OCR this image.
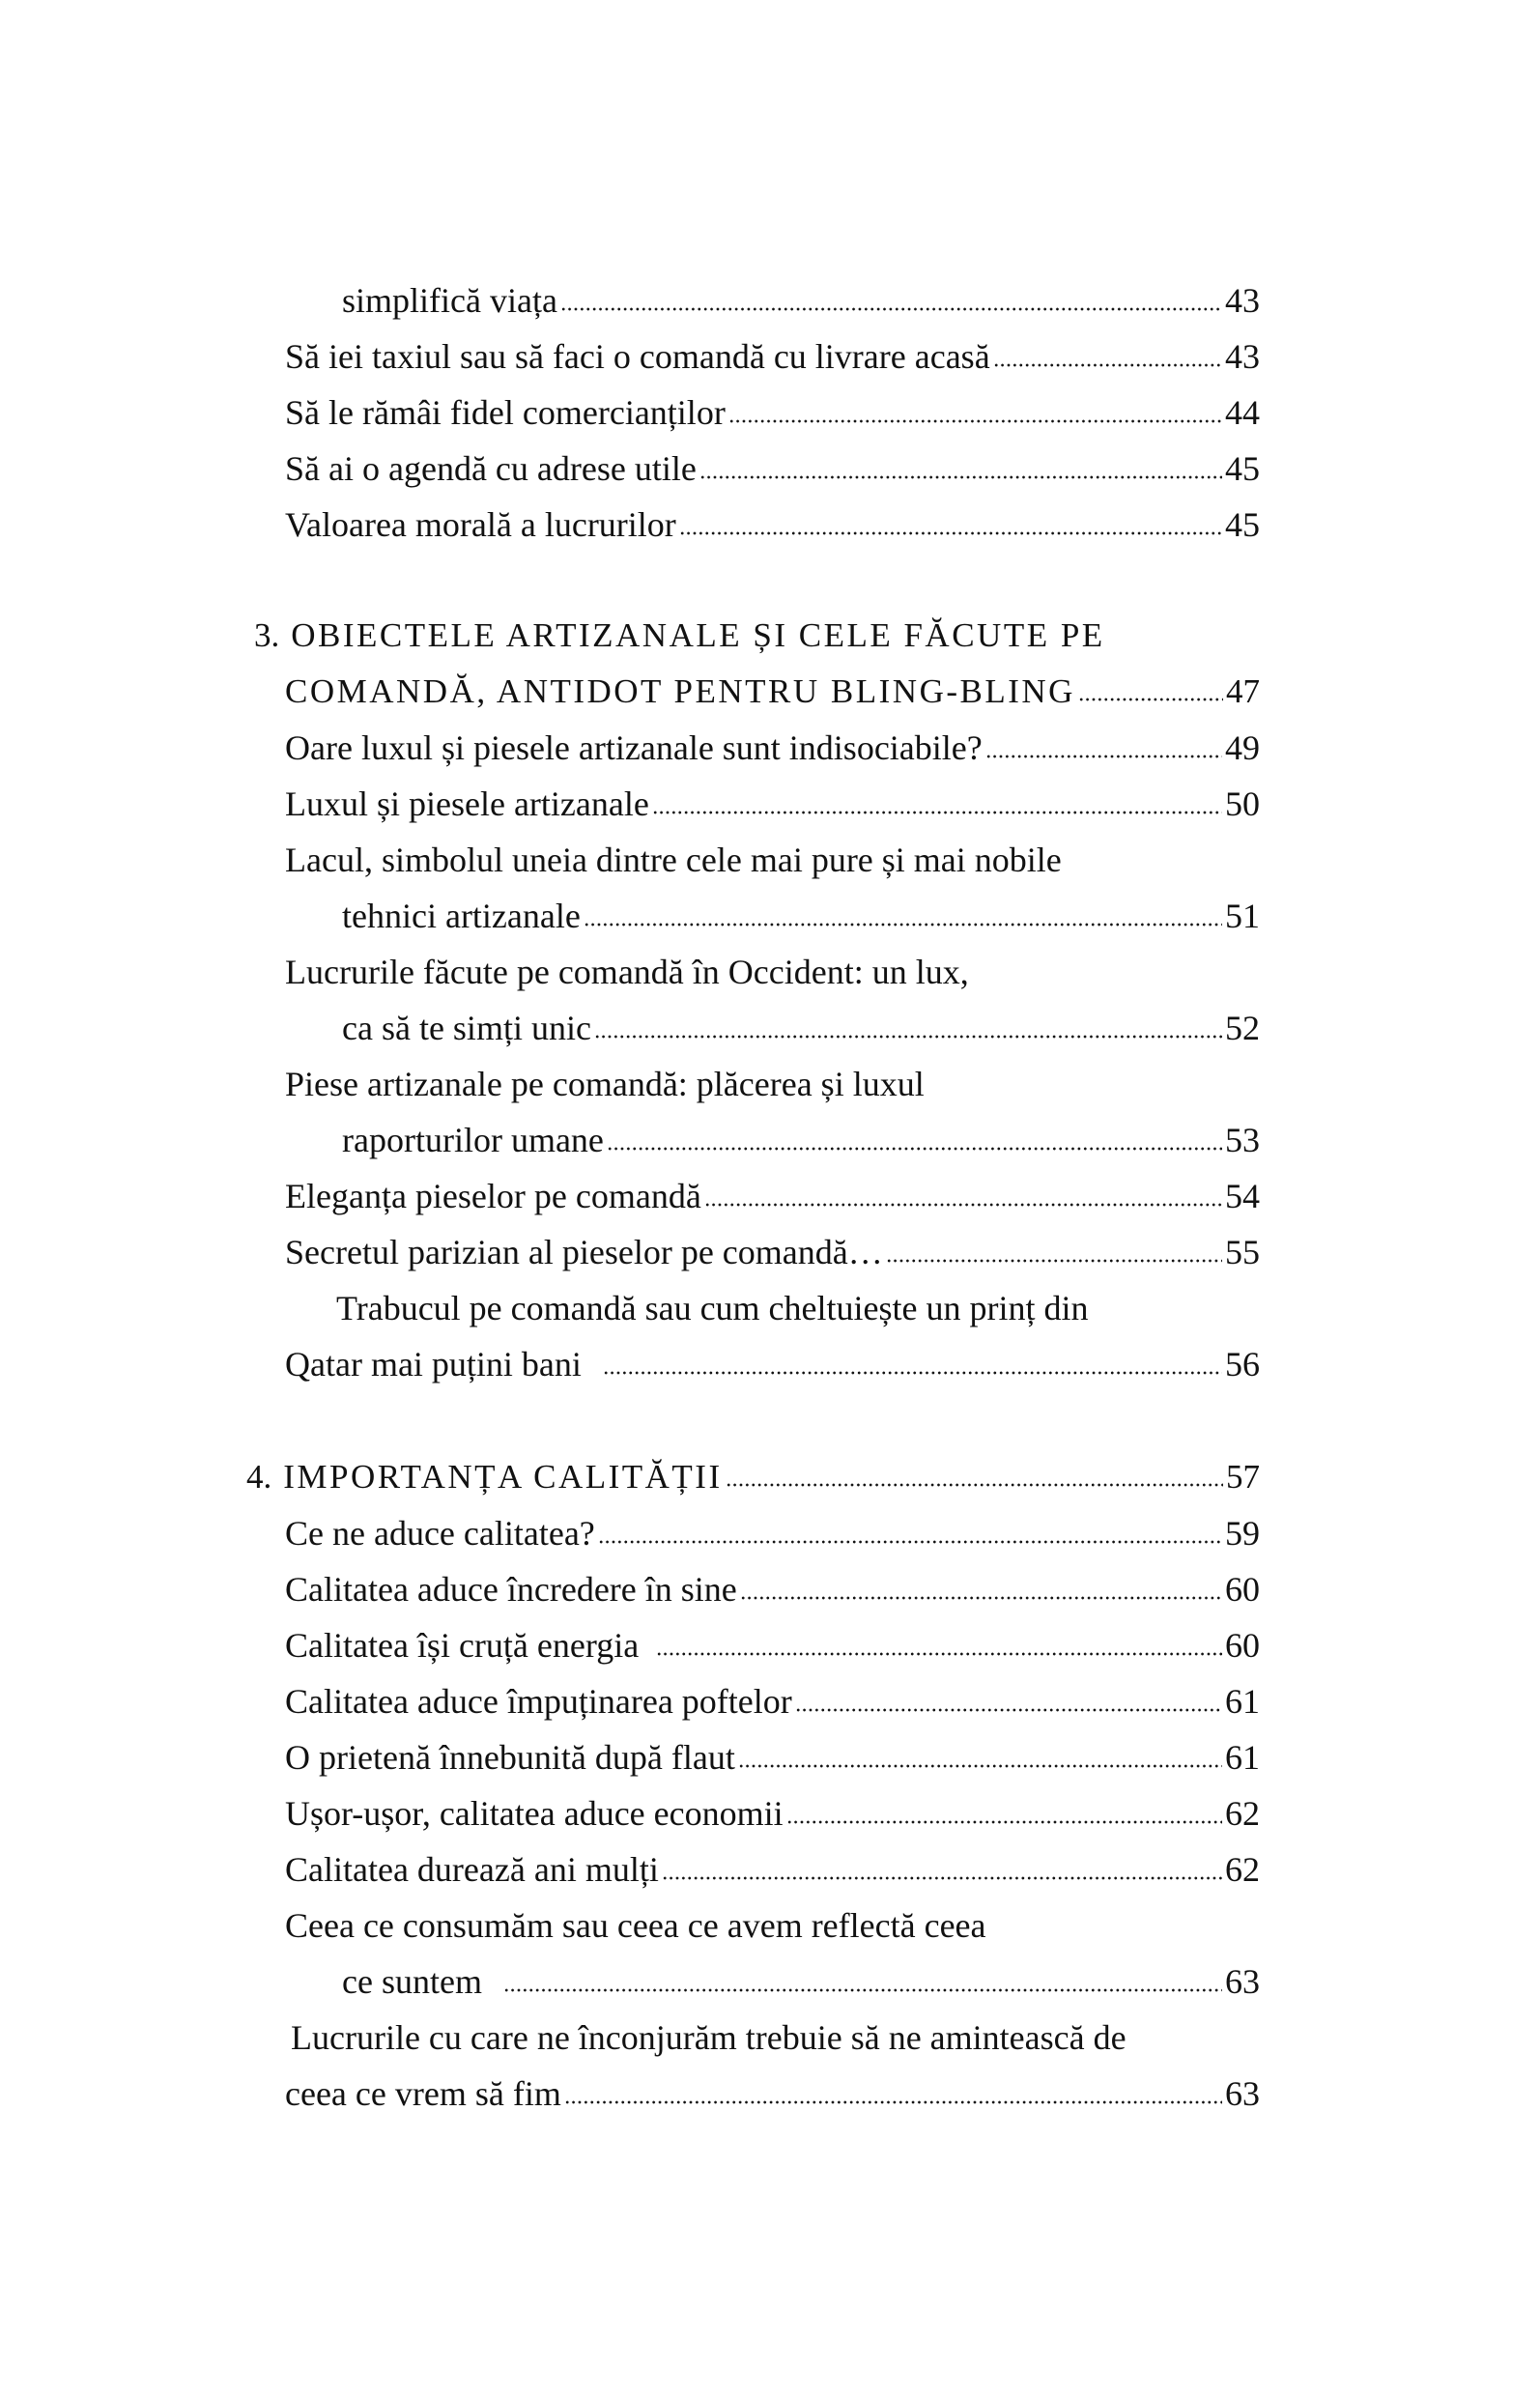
simplifică viața	43
Să iei taxiul sau să faci o comandă cu livrare acasă	43
Să le rămâi fidel comercianților	44
Să ai o agendă cu adrese utile	45
Valoarea morală a lucrurilor	45
3. OBIECTELE ARTIZANALE ȘI CELE FĂCUTE PE
COMANDĂ, ANTIDOT PENTRU BLING-BLING	47
Oare luxul și piesele artizanale sunt indisociabile?	49
Luxul și piesele artizanale	50
Lacul, simbolul uneia dintre cele mai pure și mai nobile
tehnici artizanale	51
Lucrurile făcute pe comandă în Occident: un lux,
ca să te simți unic	52
Piese artizanale pe comandă: plăcerea și luxul
raporturilor umane	53
Eleganța pieselor pe comandă	54
Secretul parizian al pieselor pe comandă…	55
Trabucul pe comandă sau cum cheltuiește un prinț din
Qatar mai puțini bani	56
4. IMPORTANȚA CALITĂȚII	57
Ce ne aduce calitatea?	59
Calitatea aduce încredere în sine	60
Calitatea își cruță energia	60
Calitatea aduce împuținarea poftelor	61
O prietenă înnebunită după flaut	61
Ușor-ușor, calitatea aduce economii	62
Calitatea durează ani mulți	62
Ceea ce consumăm sau ceea ce avem reflectă ceea
ce suntem	63
Lucrurile cu care ne înconjurăm trebuie să ne amintească de
ceea ce vrem să fim	63
